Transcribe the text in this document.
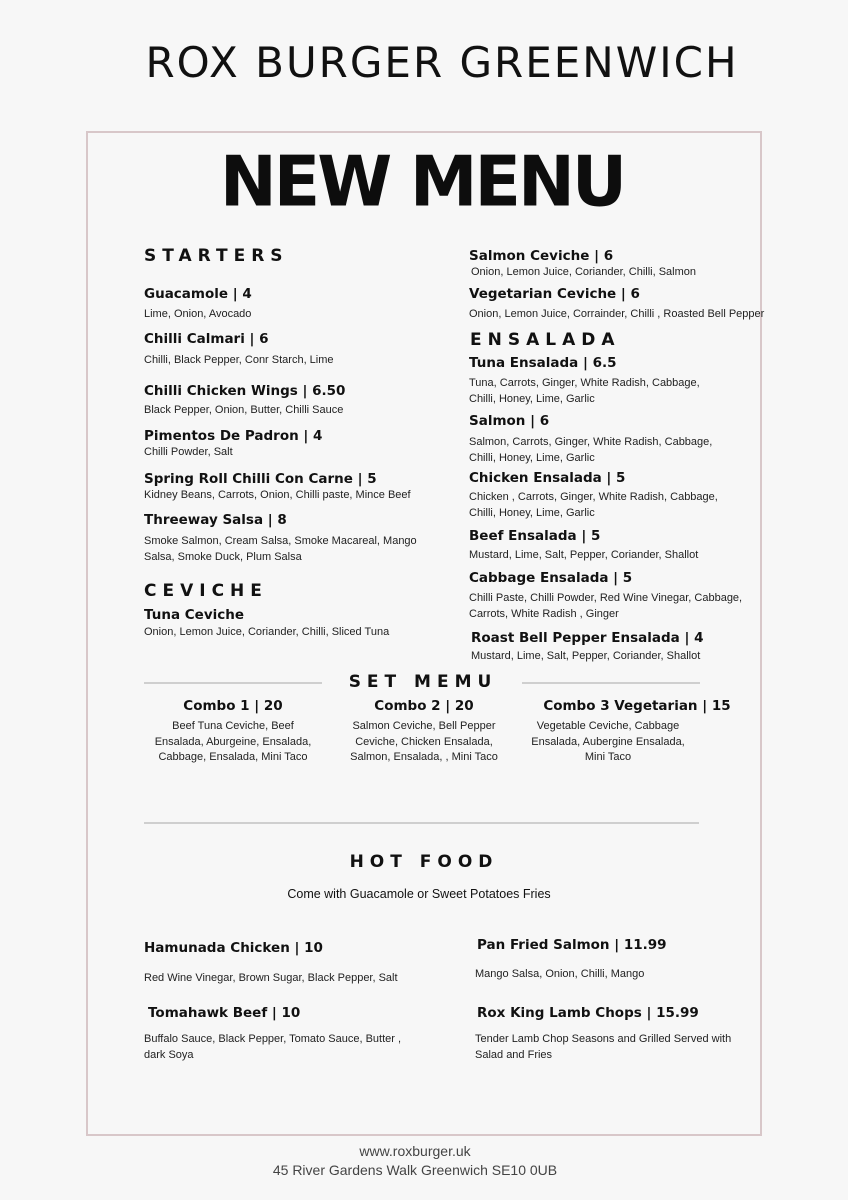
ROX BURGER GREENWICH
NEW MENU
STARTERS
Guacamole | 4
Lime, Onion, Avocado
Chilli Calmari | 6
Chilli, Black Pepper, Conr Starch, Lime
Chilli Chicken Wings | 6.50
Black Pepper, Onion, Butter, Chilli Sauce
Pimentos De Padron | 4
Chilli Powder, Salt
Spring Roll Chilli Con Carne | 5
Kidney Beans, Carrots, Onion, Chilli paste, Mince Beef
Threeway Salsa | 8
Smoke Salmon, Cream Salsa, Smoke Macareal, Mango Salsa, Smoke Duck, Plum Salsa
CEVICHE
Tuna Ceviche
Onion, Lemon Juice, Coriander, Chilli, Sliced Tuna
Salmon Ceviche | 6
Onion, Lemon Juice, Coriander, Chilli, Salmon
Vegetarian Ceviche | 6
Onion, Lemon Juice, Corrainder, Chilli , Roasted Bell Pepper
ENSALADA
Tuna Ensalada | 6.5
Tuna, Carrots, Ginger, White Radish, Cabbage, Chilli, Honey, Lime, Garlic
Salmon | 6
Salmon, Carrots, Ginger, White Radish, Cabbage, Chilli, Honey, Lime, Garlic
Chicken Ensalada | 5
Chicken , Carrots, Ginger, White Radish, Cabbage, Chilli, Honey, Lime, Garlic
Beef Ensalada | 5
Mustard, Lime, Salt, Pepper, Coriander, Shallot
Cabbage Ensalada | 5
Chilli Paste, Chilli Powder, Red Wine Vinegar, Cabbage, Carrots, White Radish , Ginger
Roast Bell Pepper Ensalada | 4
Mustard, Lime, Salt, Pepper, Coriander, Shallot
SET MEMU
Combo 1 | 20
Beef Tuna Ceviche, Beef Ensalada, Aburgeine, Ensalada, Cabbage, Ensalada, Mini Taco
Combo 2 | 20
Salmon Ceviche, Bell Pepper Ceviche, Chicken Ensalada, Salmon, Ensalada, , Mini Taco
Combo 3 Vegetarian | 15
Vegetable Ceviche, Cabbage Ensalada, Aubergine Ensalada, Mini Taco
HOT FOOD
Come with Guacamole or Sweet Potatoes Fries
Hamunada Chicken | 10
Red Wine Vinegar, Brown Sugar, Black Pepper, Salt
Pan Fried Salmon | 11.99
Mango Salsa, Onion, Chilli, Mango
Tomahawk Beef | 10
Buffalo Sauce, Black Pepper, Tomato Sauce, Butter , dark Soya
Rox King Lamb Chops | 15.99
Tender Lamb Chop Seasons and Grilled Served with Salad and Fries
www.roxburger.uk
45 River Gardens Walk Greenwich SE10 0UB
